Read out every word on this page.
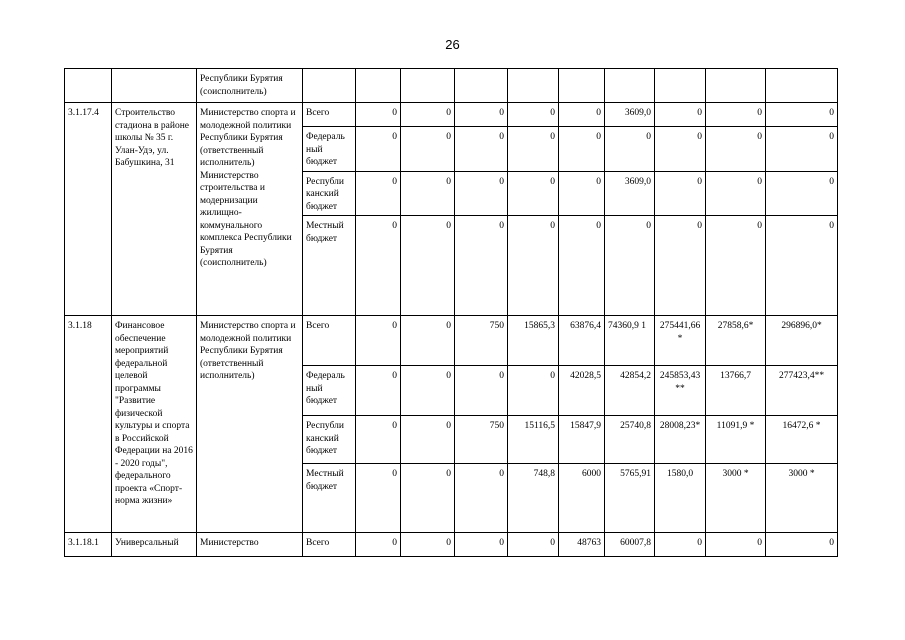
26
		Республики Бурятия (соисполнитель)										
3.1.17.4	Строительство стадиона в районе школы № 35 г. Улан-Удэ, ул. Бабушкина, 31	Министерство спорта и молодежной политики Республики Бурятия (ответственный исполнитель) Министерство строительства и модернизации жилищно-коммунального комплекса Республики Бурятия (соисполнитель)	Всего	0	0	0	0	0	3609,0	0	0	0
			Федераль ный бюджет	0	0	0	0	0	0	0	0	0
			Республи канский бюджет	0	0	0	0	0	3609,0	0	0	0
			Местный бюджет	0	0	0	0	0	0	0	0	0
3.1.18	Финансовое обеспечение мероприятий федеральной целевой программы "Развитие физической культуры и спорта в Российской Федерации на 2016 - 2020 годы", федерального проекта «Спорт-норма жизни»	Министерство спорта и молодежной политики Республики Бурятия (ответственный исполнитель)	Всего	0	0	750	15865,3	63876,4	74360,9 1	275441,66 *	27858,6*	296896,0*
			Федераль ный бюджет	0	0	0	0	42028,5	42854,2	245853,43 **	13766,7	277423,4**
			Республи канский бюджет	0	0	750	15116,5	15847,9	25740,8	28008,23*	11091,9 *	16472,6 *
			Местный бюджет	0	0	0	748,8	6000	5765,91	1580,0	3000 *	3000 *
3.1.18.1	Универсальный	Министерство	Всего	0	0	0	0	48763	60007,8	0	0	0
